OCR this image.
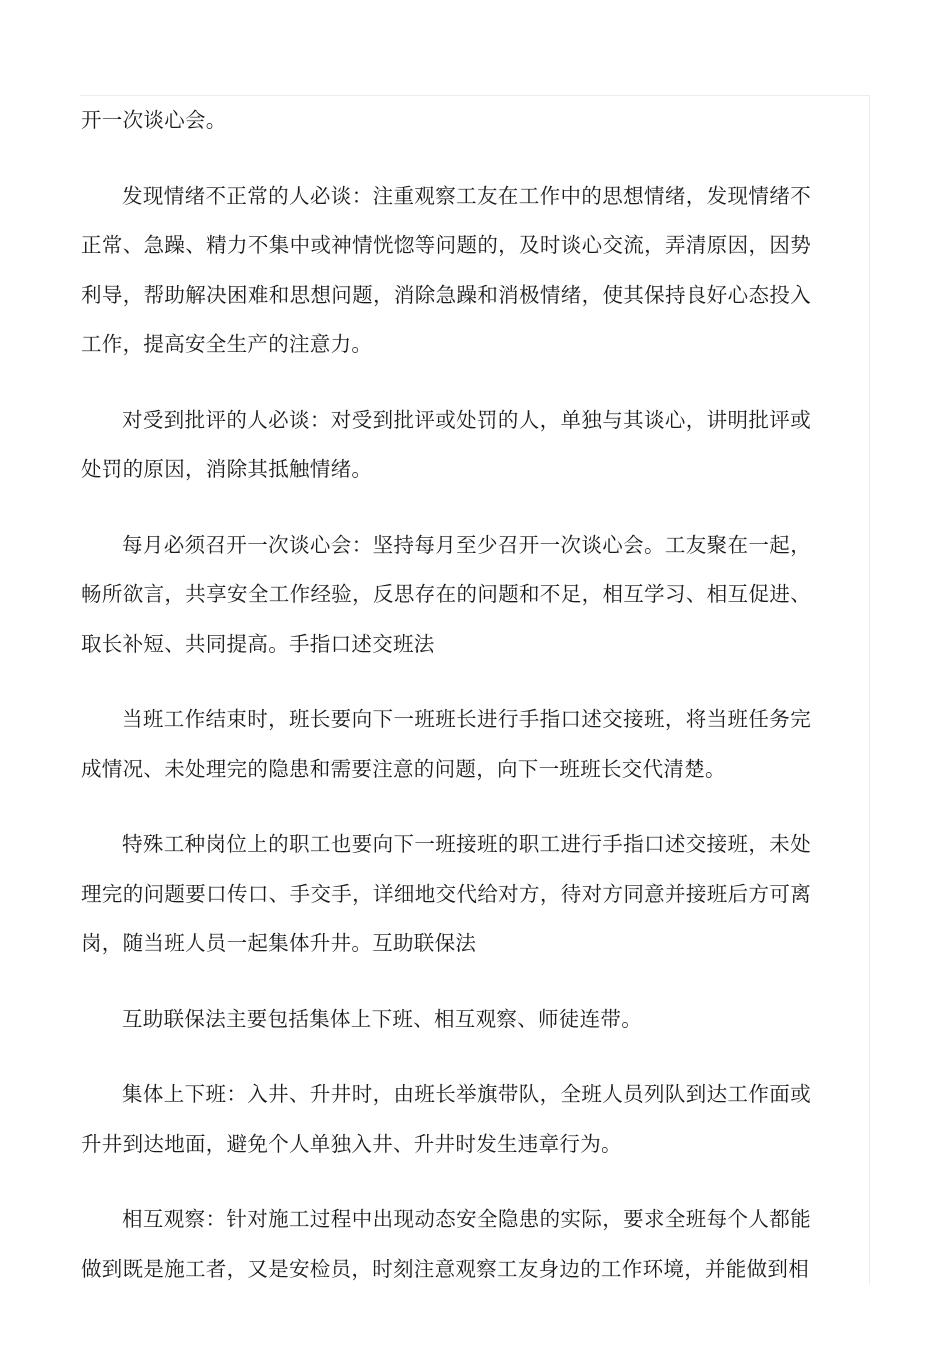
开一次谈心会。

发现情绪不正常的人必谈：注重观察工友在工作中的思想情绪，发现情绪不正常、急躁、精力不集中或神情恍惚等问题的，及时谈心交流，弄清原因，因势利导，帮助解决困难和思想问题，消除急躁和消极情绪，使其保持良好心态投入工作，提高安全生产的注意力。

对受到批评的人必谈：对受到批评或处罚的人，单独与其谈心，讲明批评或处罚的原因，消除其抵触情绪。

每月必须召开一次谈心会：坚持每月至少召开一次谈心会。工友聚在一起，畅所欲言，共享安全工作经验，反思存在的问题和不足，相互学习、相互促进、取长补短、共同提高。手指口述交班法

当班工作结束时，班长要向下一班班长进行手指口述交接班，将当班任务完成情况、未处理完的隐患和需要注意的问题，向下一班班长交代清楚。

特殊工种岗位上的职工也要向下一班接班的职工进行手指口述交接班，未处理完的问题要口传口、手交手，详细地交代给对方，待对方同意并接班后方可离岗，随当班人员一起集体升井。互助联保法

互助联保法主要包括集体上下班、相互观察、师徒连带。

集体上下班：入井、升井时，由班长举旗带队，全班人员列队到达工作面或升井到达地面，避免个人单独入井、升井时发生违章行为。

相互观察：针对施工过程中出现动态安全隐患的实际，要求全班每个人都能做到既是施工者，又是安检员，时刻注意观察工友身边的工作环境，并能做到相
